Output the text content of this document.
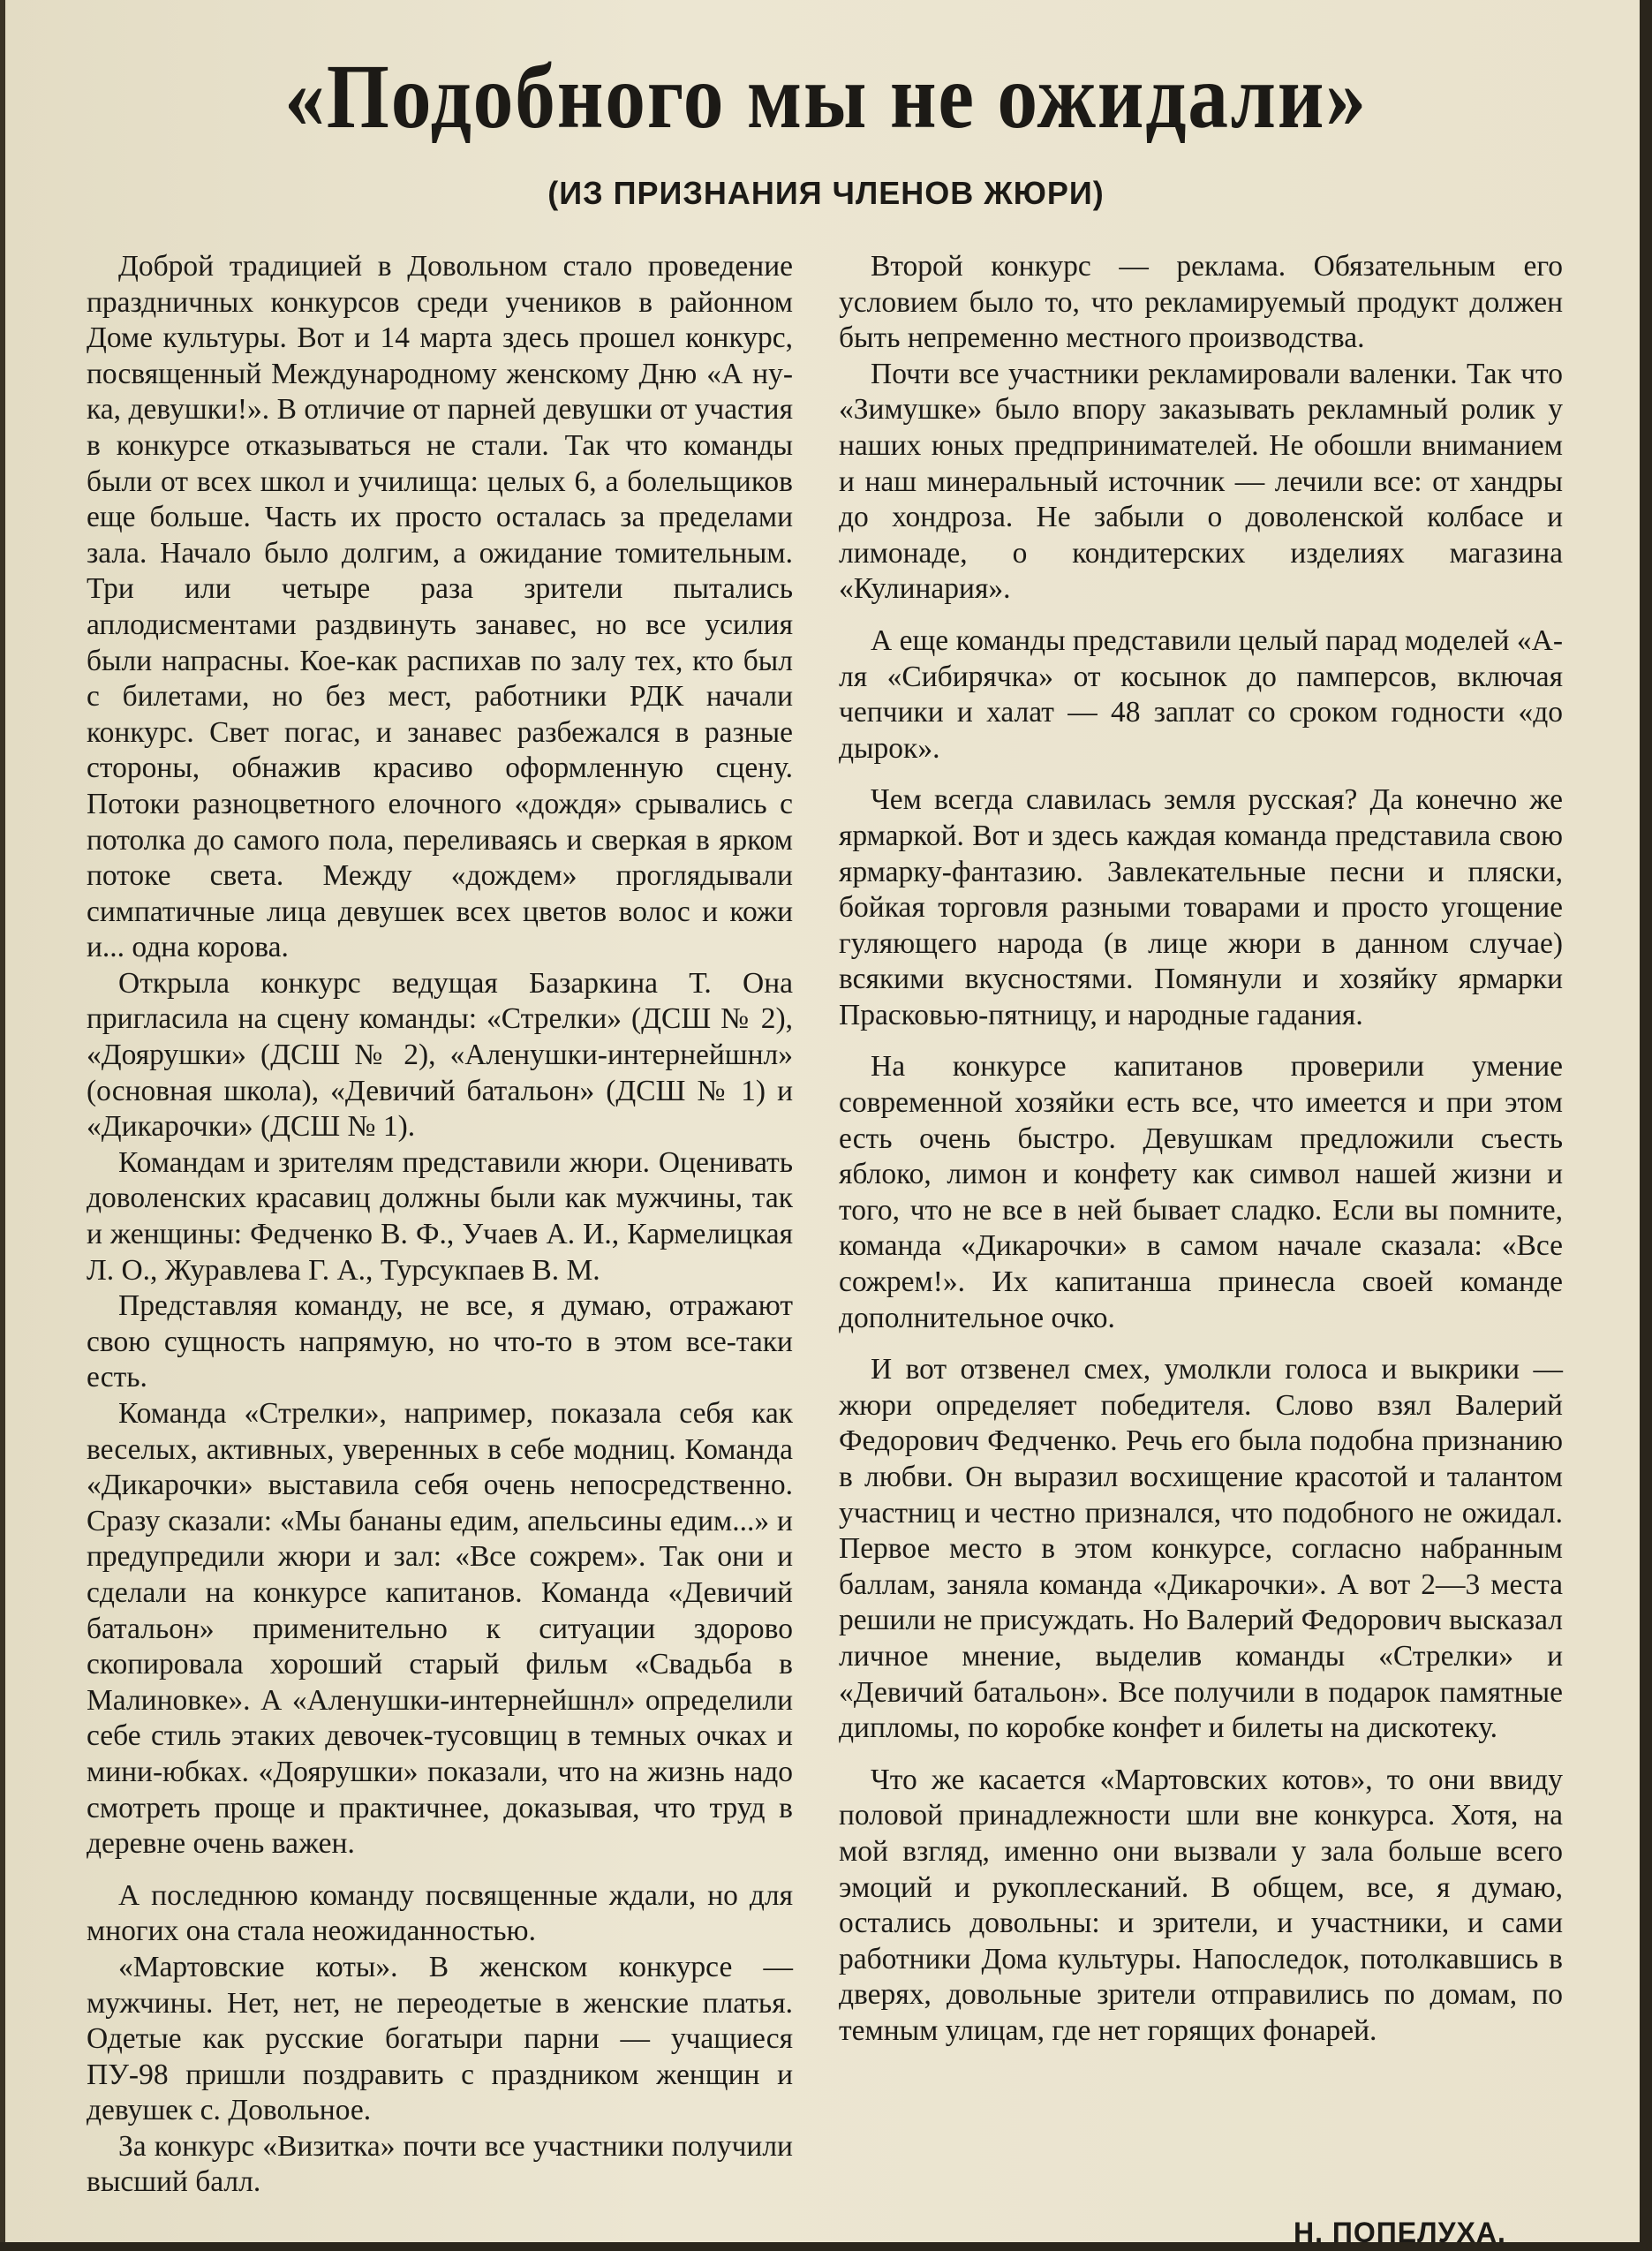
«Подобного мы не ожидали»
(ИЗ ПРИЗНАНИЯ ЧЛЕНОВ ЖЮРИ)

Доброй традицией в Довольном стало проведение праздничных конкурсов среди учеников в районном Доме культуры. Вот и 14 марта здесь прошел конкурс, посвященный Международному женскому Дню «А ну-ка, девушки!». В отличие от парней девушки от участия в конкурсе отказываться не стали. Так что команды были от всех школ и училища: целых 6, а болельщиков еще больше. Часть их просто осталась за пределами зала. Начало было долгим, а ожидание томительным. Три или четыре раза зрители пытались аплодисментами раздвинуть занавес, но все усилия были напрасны. Кое-как распихав по залу тех, кто был с билетами, но без мест, работники РДК начали конкурс. Свет погас, и занавес разбежался в разные стороны, обнажив красиво оформленную сцену. Потоки разноцветного елочного «дождя» срывались с потолка до самого пола, переливаясь и сверкая в ярком потоке света. Между «дождем» проглядывали симпатичные лица девушек всех цветов волос и кожи и... одна корова.

Открыла конкурс ведущая Базаркина Т. Она пригласила на сцену команды: «Стрелки» (ДСШ № 2), «Доярушки» (ДСШ № 2), «Аленушки-интернейшнл» (основная школа), «Девичий батальон» (ДСШ № 1) и «Дикарочки» (ДСШ № 1).

Командам и зрителям представили жюри. Оценивать доволенских красавиц должны были как мужчины, так и женщины: Федченко В. Ф., Учаев А. И., Кармелицкая Л. О., Журавлева Г. А., Турсукпаев В. М.

Представляя команду, не все, я думаю, отражают свою сущность напрямую, но что-то в этом все-таки есть.

Команда «Стрелки», например, показала себя как веселых, активных, уверенных в себе модниц. Команда «Дикарочки» выставила себя очень непосредственно. Сразу сказали: «Мы бананы едим, апельсины едим...» и предупредили жюри и зал: «Все сожрем». Так они и сделали на конкурсе капитанов. Команда «Девичий батальон» применительно к ситуации здорово скопировала хороший старый фильм «Свадьба в Малиновке». А «Аленушки-интернейшнл» определили себе стиль этаких девочек-тусовщиц в темных очках и мини-юбках. «Доярушки» показали, что на жизнь надо смотреть проще и практичнее, доказывая, что труд в деревне очень важен.

А последнюю команду посвященные ждали, но для многих она стала неожиданностью.

«Мартовские коты». В женском конкурсе — мужчины. Нет, нет, не переодетые в женские платья. Одетые как русские богатыри парни — учащиеся ПУ-98 пришли поздравить с праздником женщин и девушек с. Довольное.

За конкурс «Визитка» почти все участники получили высший балл.

Второй конкурс — реклама. Обязательным его условием было то, что рекламируемый продукт должен быть непременно местного производства.

Почти все участники рекламировали валенки. Так что «Зимушке» было впору заказывать рекламный ролик у наших юных предпринимателей. Не обошли вниманием и наш минеральный источник — лечили все: от хандры до хондроза. Не забыли о доволенской колбасе и лимонаде, о кондитерских изделиях магазина «Кулинария».

А еще команды представили целый парад моделей «А-ля «Сибирячка» от косынок до памперсов, включая чепчики и халат — 48 заплат со сроком годности «до дырок».

Чем всегда славилась земля русская? Да конечно же ярмаркой. Вот и здесь каждая команда представила свою ярмарку-фантазию. Завлекательные песни и пляски, бойкая торговля разными товарами и просто угощение гуляющего народа (в лице жюри в данном случае) всякими вкусностями. Помянули и хозяйку ярмарки Прасковью-пятницу, и народные гадания.

На конкурсе капитанов проверили умение современной хозяйки есть все, что имеется и при этом есть очень быстро. Девушкам предложили съесть яблоко, лимон и конфету как символ нашей жизни и того, что не все в ней бывает сладко. Если вы помните, команда «Дикарочки» в самом начале сказала: «Все сожрем!». Их капитанша принесла своей команде дополнительное очко.

И вот отзвенел смех, умолкли голоса и выкрики — жюри определяет победителя. Слово взял Валерий Федорович Федченко. Речь его была подобна признанию в любви. Он выразил восхищение красотой и талантом участниц и честно признался, что подобного не ожидал. Первое место в этом конкурсе, согласно набранным баллам, заняла команда «Дикарочки». А вот 2—3 места решили не присуждать. Но Валерий Федорович высказал личное мнение, выделив команды «Стрелки» и «Девичий батальон». Все получили в подарок памятные дипломы, по коробке конфет и билеты на дискотеку.

Что же касается «Мартовских котов», то они ввиду половой принадлежности шли вне конкурса. Хотя, на мой взгляд, именно они вызвали у зала больше всего эмоций и рукоплесканий. В общем, все, я думаю, остались довольны: и зрители, и участники, и сами работники Дома культуры. Напоследок, потолкавшись в дверях, довольные зрители отправились по домам, по темным улицам, где нет горящих фонарей.

Н. ПОПЕЛУХА.
